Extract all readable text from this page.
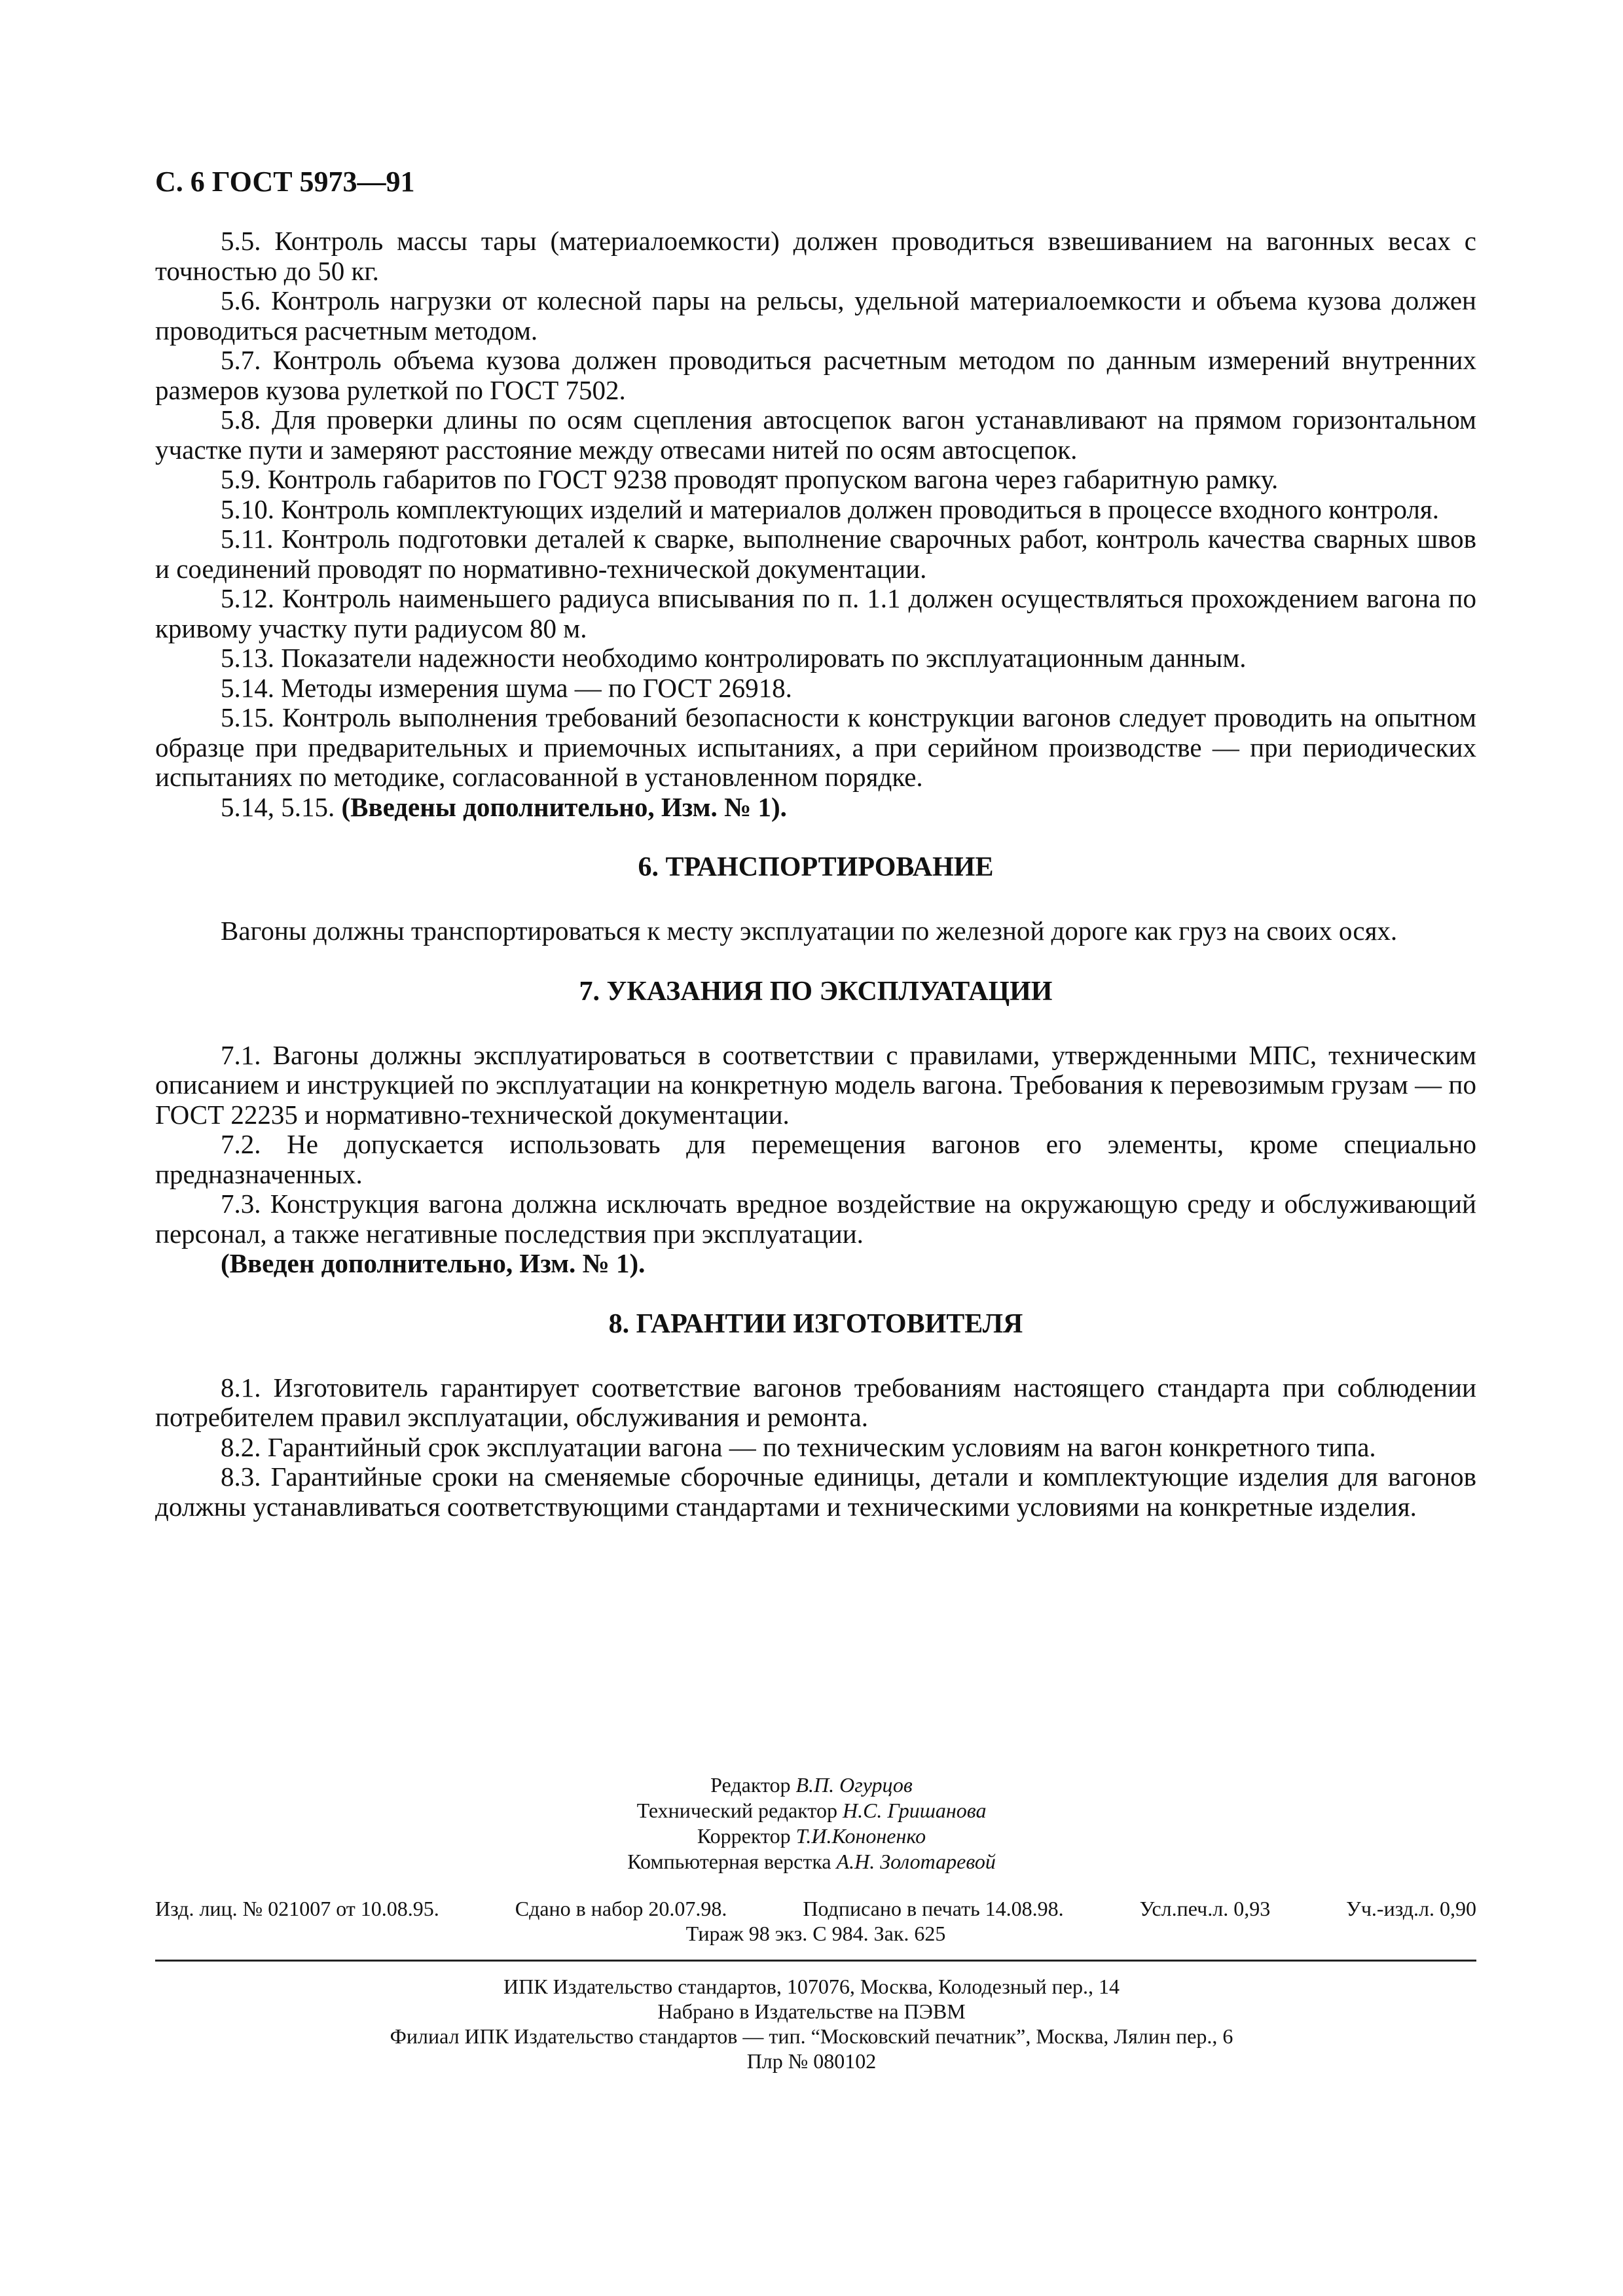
С. 6 ГОСТ 5973—91

5.5. Контроль массы тары (материалоемкости) должен проводиться взвешиванием на вагонных весах с точностью до 50 кг.

5.6. Контроль нагрузки от колесной пары на рельсы, удельной материалоемкости и объема кузова должен проводиться расчетным методом.

5.7. Контроль объема кузова должен проводиться расчетным методом по данным измерений внутренних размеров кузова рулеткой по ГОСТ 7502.

5.8. Для проверки длины по осям сцепления автосцепок вагон устанавливают на прямом горизонтальном участке пути и замеряют расстояние между отвесами нитей по осям автосцепок.

5.9. Контроль габаритов по ГОСТ 9238 проводят пропуском вагона через габаритную рамку.

5.10. Контроль комплектующих изделий и материалов должен проводиться в процессе входного контроля.

5.11. Контроль подготовки деталей к сварке, выполнение сварочных работ, контроль качества сварных швов и соединений проводят по нормативно-технической документации.

5.12. Контроль наименьшего радиуса вписывания по п. 1.1 должен осуществляться прохождением вагона по кривому участку пути радиусом 80 м.

5.13. Показатели надежности необходимо контролировать по эксплуатационным данным.

5.14. Методы измерения шума — по ГОСТ 26918.

5.15. Контроль выполнения требований безопасности к конструкции вагонов следует проводить на опытном образце при предварительных и приемочных испытаниях, а при серийном производстве — при периодических испытаниях по методике, согласованной в установленном порядке.

5.14, 5.15. (Введены дополнительно, Изм. № 1).

6. ТРАНСПОРТИРОВАНИЕ

Вагоны должны транспортироваться к месту эксплуатации по железной дороге как груз на своих осях.

7. УКАЗАНИЯ ПО ЭКСПЛУАТАЦИИ

7.1. Вагоны должны эксплуатироваться в соответствии с правилами, утвержденными МПС, техническим описанием и инструкцией по эксплуатации на конкретную модель вагона. Требования к перевозимым грузам — по ГОСТ 22235 и нормативно-технической документации.

7.2. Не допускается использовать для перемещения вагонов его элементы, кроме специально предназначенных.

7.3. Конструкция вагона должна исключать вредное воздействие на окружающую среду и обслуживающий персонал, а также негативные последствия при эксплуатации.

(Введен дополнительно, Изм. № 1).

8. ГАРАНТИИ ИЗГОТОВИТЕЛЯ

8.1. Изготовитель гарантирует соответствие вагонов требованиям настоящего стандарта при соблюдении потребителем правил эксплуатации, обслуживания и ремонта.

8.2. Гарантийный срок эксплуатации вагона — по техническим условиям на вагон конкретного типа.

8.3. Гарантийные сроки на сменяемые сборочные единицы, детали и комплектующие изделия для вагонов должны устанавливаться соответствующими стандартами и техническими условиями на конкретные изделия.

Редактор В.П. Огурцов
Технический редактор Н.С. Гришанова
Корректор Т.И.Кононенко
Компьютерная верстка А.Н. Золотаревой
Изд. лиц. № 021007 от 10.08.95.	Сдано в набор 20.07.98.	Подписано в печать 14.08.98.	Усл.печ.л. 0,93	Уч.-изд.л. 0,90
Тираж 98 экз. С 984. Зак. 625
ИПК Издательство стандартов, 107076, Москва, Колодезный пер., 14
Набрано в Издательстве на ПЭВМ
Филиал ИПК Издательство стандартов — тип. “Московский печатник”, Москва, Лялин пер., 6
Плр № 080102
